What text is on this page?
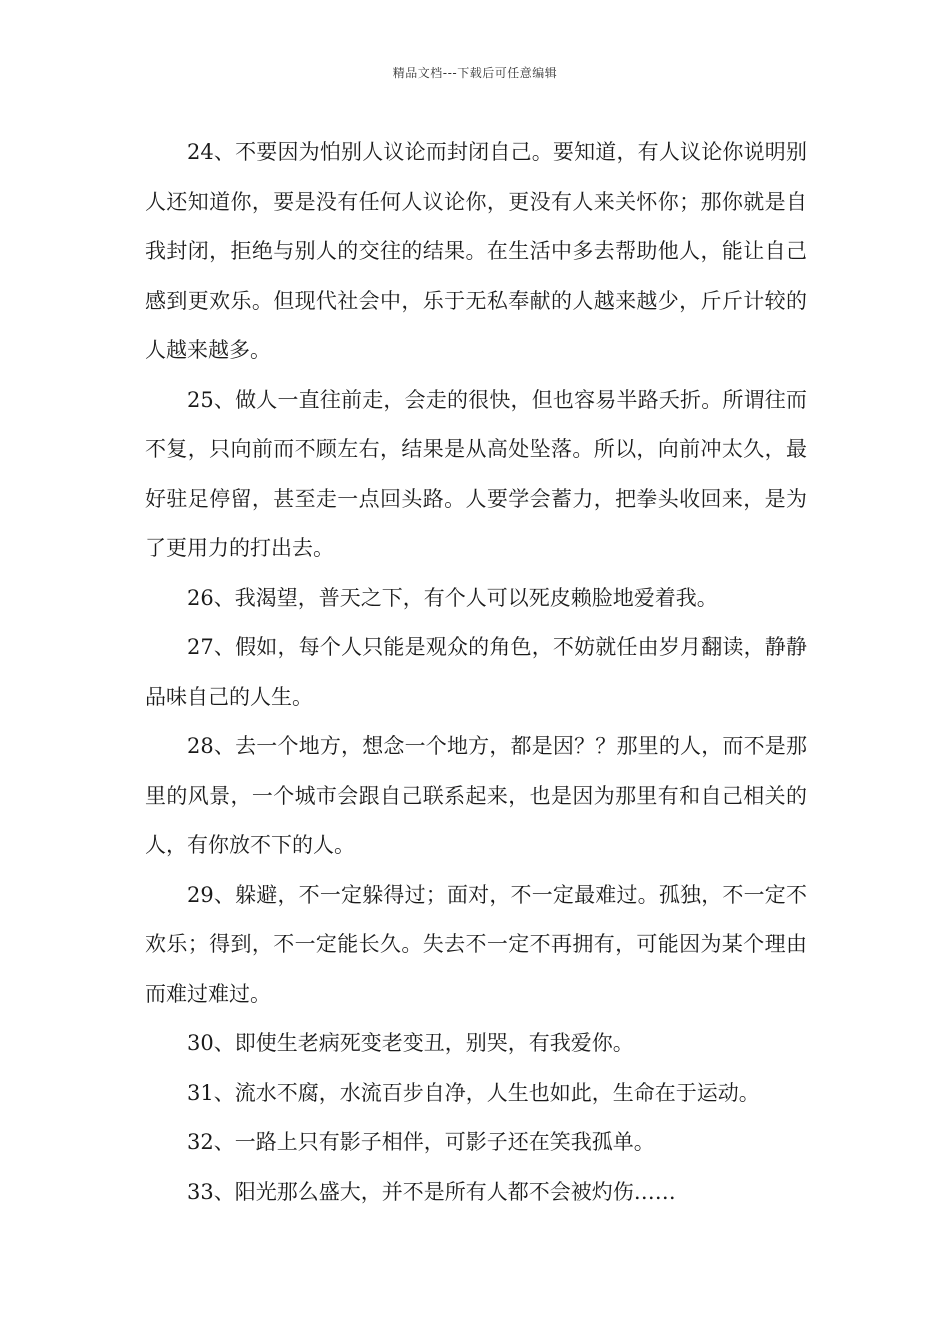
精品文档---下载后可任意编辑

24、不要因为怕别人议论而封闭自己。要知道，有人议论你说明别人还知道你，要是没有任何人议论你，更没有人来关怀你；那你就是自我封闭，拒绝与别人的交往的结果。在生活中多去帮助他人，能让自己感到更欢乐。但现代社会中，乐于无私奉献的人越来越少，斤斤计较的人越来越多。

25、做人一直往前走，会走的很快，但也容易半路夭折。所谓往而不复，只向前而不顾左右，结果是从高处坠落。所以，向前冲太久，最好驻足停留，甚至走一点回头路。人要学会蓄力，把拳头收回来，是为了更用力的打出去。

26、我渴望，普天之下，有个人可以死皮赖脸地爱着我。

27、假如，每个人只能是观众的角色，不妨就任由岁月翻读，静静品味自己的人生。

28、去一个地方，想念一个地方，都是因？？那里的人，而不是那里的风景，一个城市会跟自己联系起来，也是因为那里有和自己相关的人，有你放不下的人。

29、躲避，不一定躲得过；面对，不一定最难过。孤独，不一定不欢乐；得到，不一定能长久。失去不一定不再拥有，可能因为某个理由而难过难过。

30、即使生老病死变老变丑，别哭，有我爱你。

31、流水不腐，水流百步自净，人生也如此，生命在于运动。

32、一路上只有影子相伴，可影子还在笑我孤单。

33、阳光那么盛大，并不是所有人都不会被灼伤……
